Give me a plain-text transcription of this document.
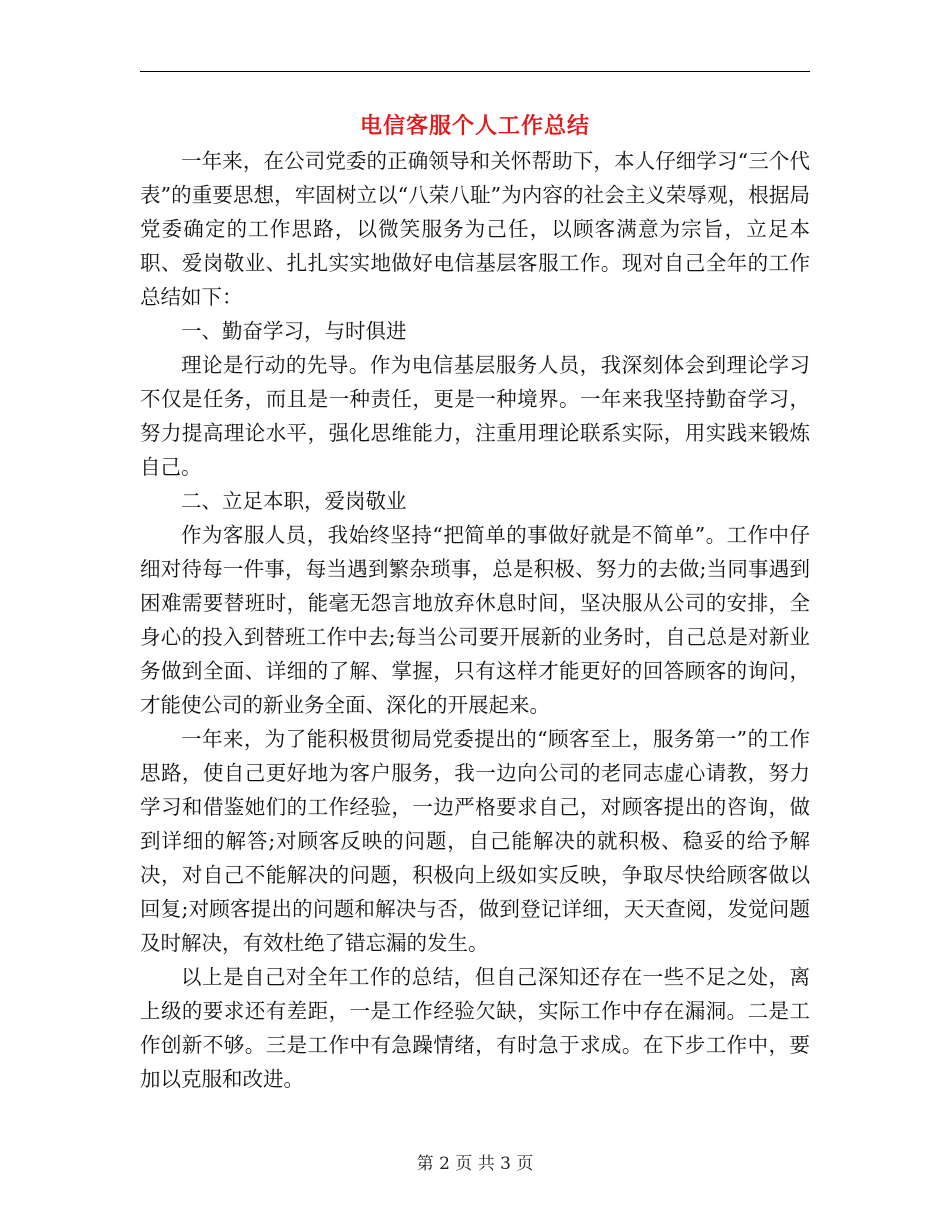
电信客服个人工作总结

一年来，在公司党委的正确领导和关怀帮助下，本人仔细学习“三个代表”的重要思想，牢固树立以“八荣八耻”为内容的社会主义荣辱观，根据局党委确定的工作思路，以微笑服务为己任，以顾客满意为宗旨，立足本职、爱岗敬业、扎扎实实地做好电信基层客服工作。现对自己全年的工作总结如下：

一、勤奋学习，与时俱进

理论是行动的先导。作为电信基层服务人员，我深刻体会到理论学习不仅是任务，而且是一种责任，更是一种境界。一年来我坚持勤奋学习，努力提高理论水平，强化思维能力，注重用理论联系实际，用实践来锻炼自己。

二、立足本职，爱岗敬业

作为客服人员，我始终坚持“把简单的事做好就是不简单”。工作中仔细对待每一件事，每当遇到繁杂琐事，总是积极、努力的去做;当同事遇到困难需要替班时，能毫无怨言地放弃休息时间，坚决服从公司的安排，全身心的投入到替班工作中去;每当公司要开展新的业务时，自己总是对新业务做到全面、详细的了解、掌握，只有这样才能更好的回答顾客的询问，才能使公司的新业务全面、深化的开展起来。

一年来，为了能积极贯彻局党委提出的“顾客至上，服务第一”的工作思路，使自己更好地为客户服务，我一边向公司的老同志虚心请教，努力学习和借鉴她们的工作经验，一边严格要求自己，对顾客提出的咨询，做到详细的解答;对顾客反映的问题，自己能解决的就积极、稳妥的给予解决，对自己不能解决的问题，积极向上级如实反映，争取尽快给顾客做以回复;对顾客提出的问题和解决与否，做到登记详细，天天查阅，发觉问题及时解决，有效杜绝了错忘漏的发生。

以上是自己对全年工作的总结，但自己深知还存在一些不足之处，离上级的要求还有差距，一是工作经验欠缺，实际工作中存在漏洞。二是工作创新不够。三是工作中有急躁情绪，有时急于求成。在下步工作中，要加以克服和改进。

第 2 页 共 3 页
